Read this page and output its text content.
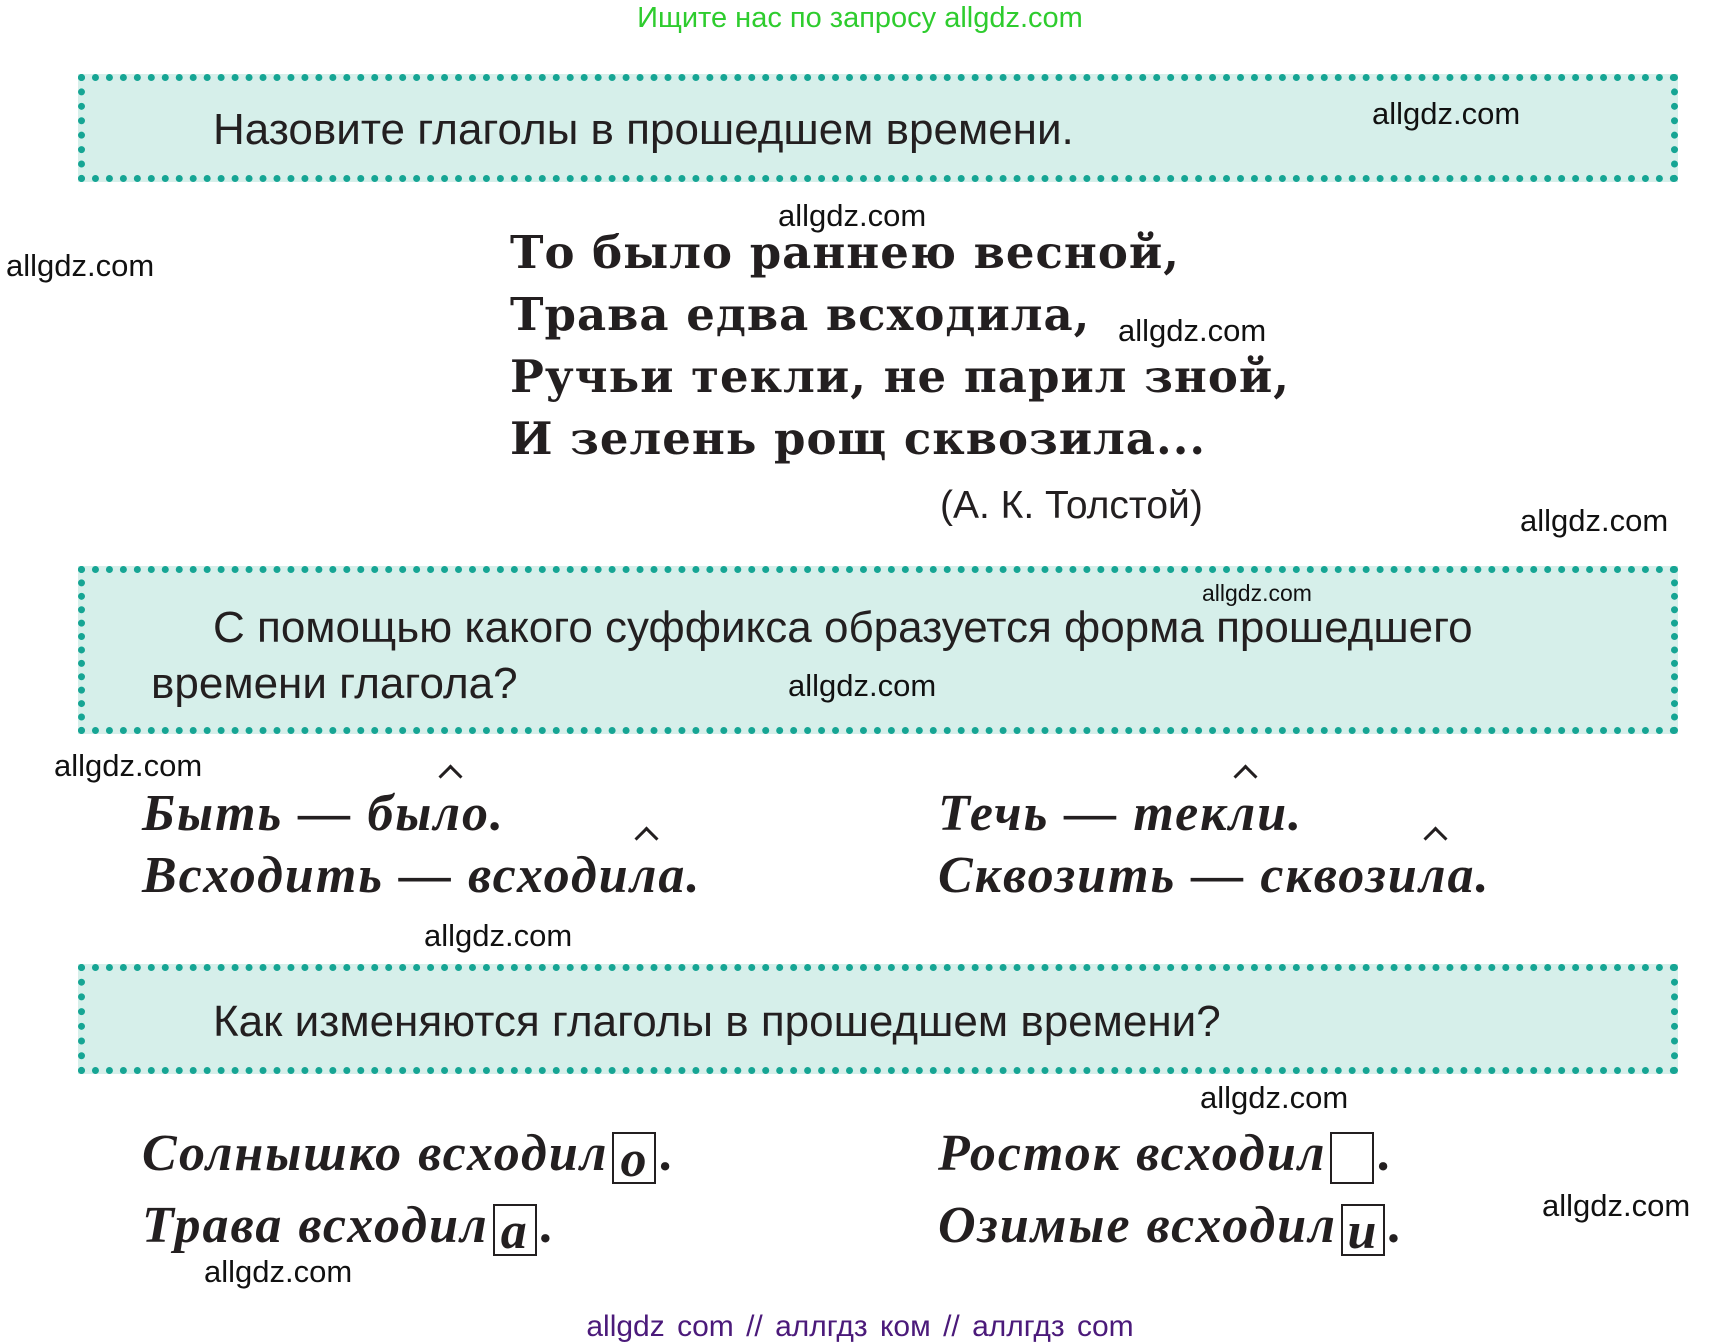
Ищите нас по запросу allgdz.com
Назовите глаголы в прошедшем времени.
То было раннею весной,
Трава едва всходила,
Ручьи текли, не парил зной,
И зелень рощ сквозила...
(А. К. Толстой)
С помощью какого суффикса образуется форма прошедшего
времени глагола?
Быть — было.	Течь — текли.
Всходить — всходила.	Сквозить — сквозила.
Как изменяются глаголы в прошедшем времени?
Солнышко всходил о .	Росток всходил .
Трава всходил а .	Озимые всходил и .
allgdz.com
allgdz.com
allgdz.com
allgdz.com
allgdz.com
allgdz.com
allgdz.com
allgdz.com
allgdz.com
allgdz.com
allgdz.com
allgdz.com
allgdz com // аллгдз ком // аллгдз com
